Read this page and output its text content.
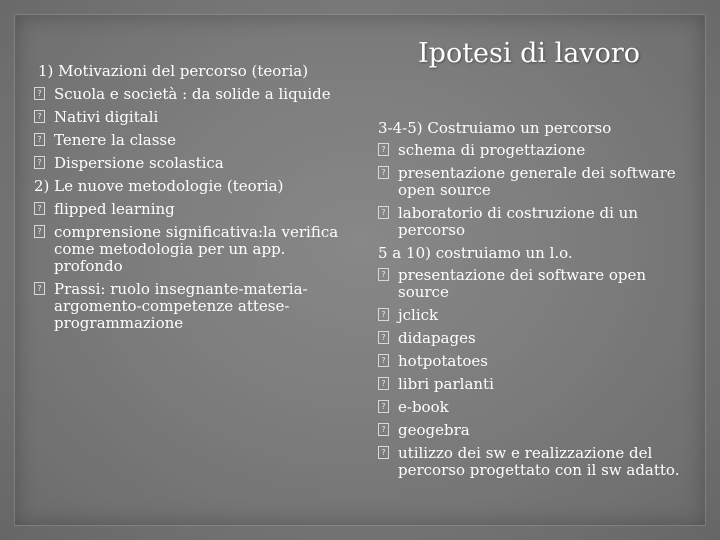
Ipotesi di lavoro
1) Motivazioni del percorso (teoria)
? Scuola e società : da solide a liquide
? Nativi digitali
? Tenere la classe
? Dispersione scolastica
2) Le nuove metodologie (teoria)
? flipped learning
? comprensione significativa:la verifica come metodologia per un app. profondo
? Prassi: ruolo insegnante-materia-argomento-competenze attese-programmazione
3-4-5) Costruiamo un percorso
? schema di progettazione
? presentazione generale dei software open source
? laboratorio di costruzione di un percorso
5 a 10) costruiamo un l.o.
? presentazione dei software open source
? jclick
? didapages
? hotpotatoes
? libri parlanti
? e-book
? geogebra
? utilizzo dei sw e realizzazione del percorso progettato con il sw adatto.
